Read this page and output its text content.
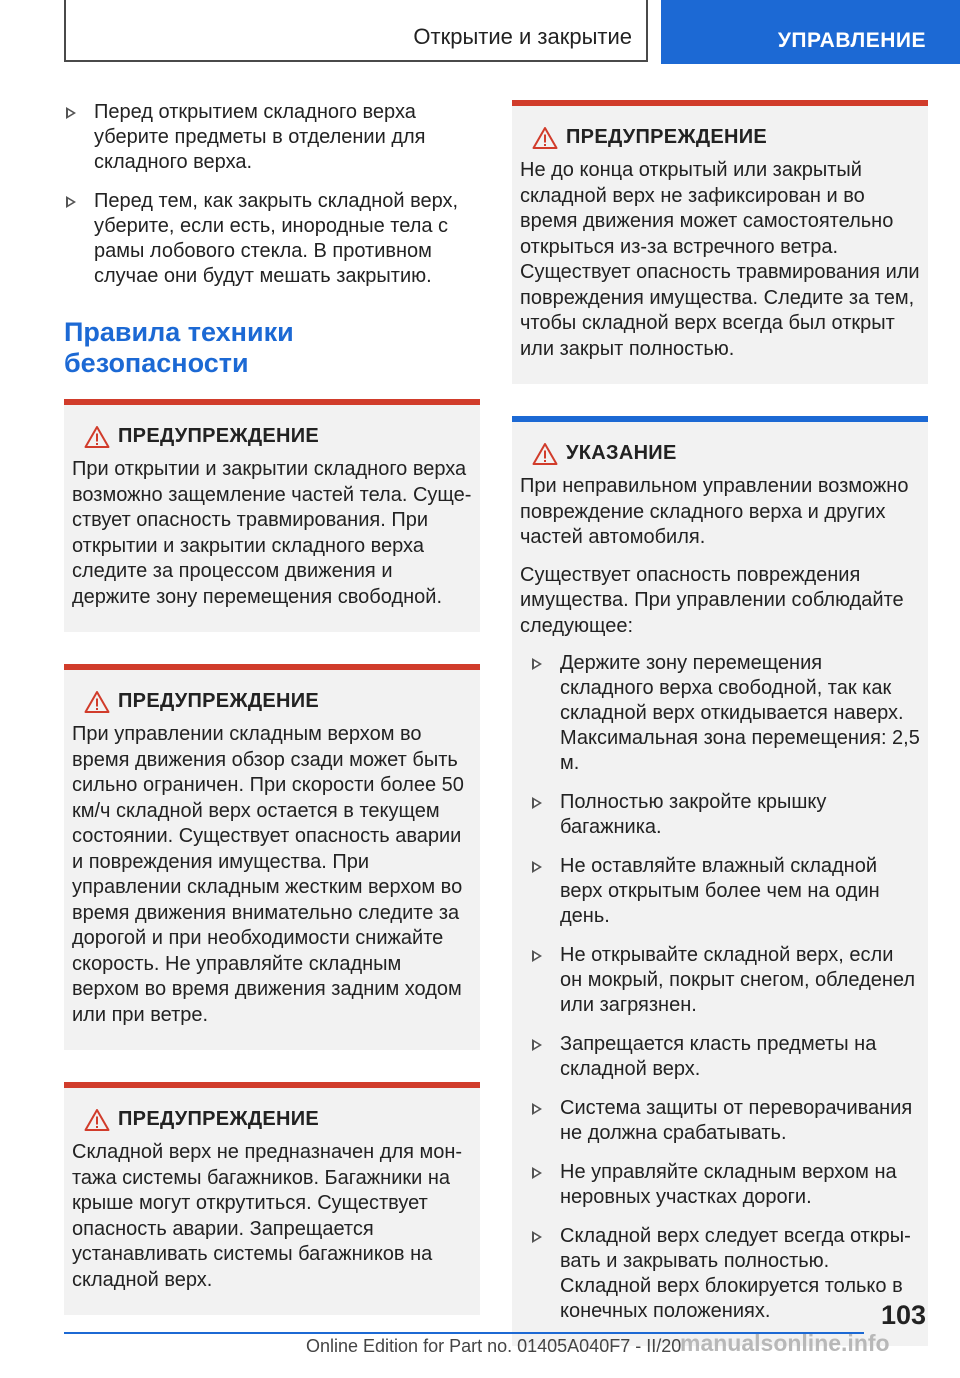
Открытие и закрытие	УПРАВЛЕНИЕ
Перед открытием складного верха уберите предметы в отделении для складного верха.
Перед тем, как закрыть складной верх, уберите, если есть, инородные тела с рамы лобового стекла. В противном случае они будут мешать закрытию.
Правила техники безопасности
ПРЕДУПРЕЖДЕНИЕ

При открытии и закрытии складного верха возможно защемление частей тела. Существует опасность травмирования. При открытии и закрытии складного верха следите за процессом движения и держите зону перемещения свободной.

ПРЕДУПРЕЖДЕНИЕ

При управлении складным верхом во время движения обзор сзади может быть сильно ограничен. При скорости более 50 км/ч складной верх остается в текущем состоянии. Существует опасность аварии и повреждения имущества. При управлении складным жестким верхом во время движения внимательно следите за дорогой и при необходимости снижайте скорость. Не управляйте складным верхом во время движения задним ходом или при ветре.

ПРЕДУПРЕЖДЕНИЕ

Складной верх не предназначен для монтажа системы багажников. Багажники на крыше могут открутиться. Существует опасность аварии. Запрещается устанавливать системы багажников на складной верх.

ПРЕДУПРЕЖДЕНИЕ

Не до конца открытый или закрытый складной верх не зафиксирован и во время движения может самостоятельно открыться из-за встречного ветра. Существует опасность травмирования или повреждения имущества. Следите за тем, чтобы складной верх всегда был открыт или закрыт полностью.

УКАЗАНИЕ

При неправильном управлении возможно повреждение складного верха и других частей автомобиля.

Существует опасность повреждения имущества. При управлении соблюдайте следующее:

Держите зону перемещения складного верха свободной, так как складной верх откидывается наверх. Максимальная зона перемещения: 2,5 м.
Полностью закройте крышку багажника.
Не оставляйте влажный складной верх открытым более чем на один день.
Не открывайте складной верх, если он мокрый, покрыт снегом, обледенел или загрязнен.
Запрещается класть предметы на складной верх.
Система защиты от переворачивания не должна срабатывать.
Не управляйте складным верхом на неровных участках дороги.
Складной верх следует всегда открывать и закрывать полностью. Складной верх блокируется только в конечных положениях.	103
Online Edition for Part no. 01405A040F7 - II/20
manualsonline.info
